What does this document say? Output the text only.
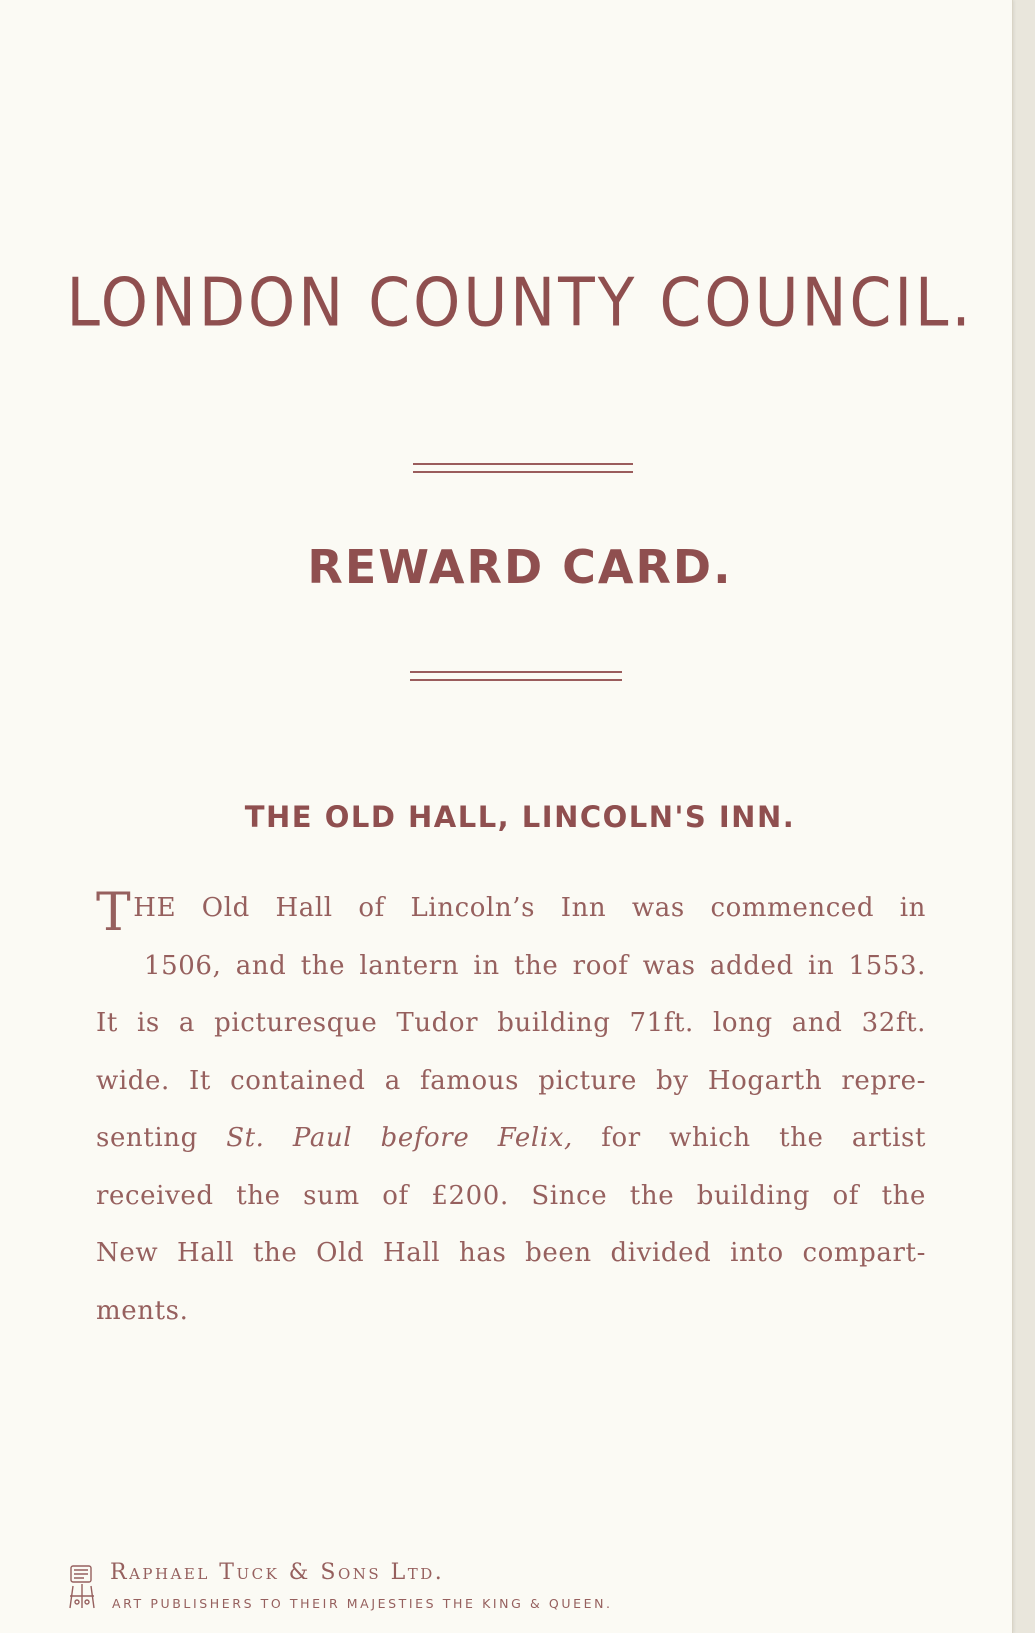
LONDON COUNTY COUNCIL.
REWARD CARD.
THE OLD HALL, LINCOLN'S INN.

THE Old Hall of Lincoln’s Inn was commenced in
1506, and the lantern in the roof was added in 1553.
It is a picturesque Tudor building 71ft. long and 32ft.
wide. It contained a famous picture by Hogarth repre-
senting St. Paul before Felix, for which the artist
received the sum of £200. Since the building of the
New Hall the Old Hall has been divided into compart-
ments.

Raphael Tuck & Sons Ltd.

ART PUBLISHERS TO THEIR MAJESTIES THE KING & QUEEN.
